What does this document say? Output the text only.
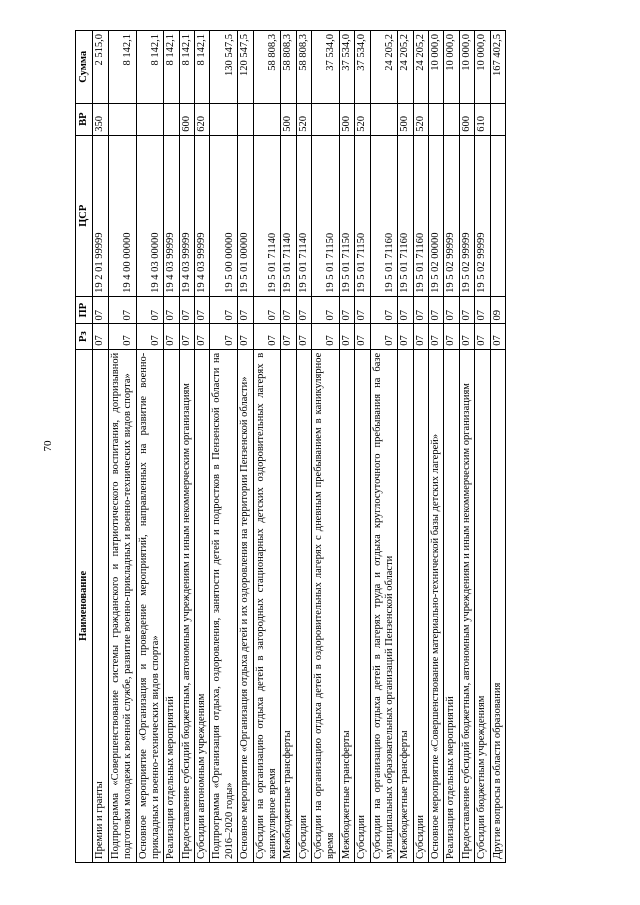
70
Наименование	Рз	ПР	ЦСР	ВР	Сумма
Премии и гранты	07	07	19 2 01 99999	350	2 515,0
Подпрограмма «Совершенствование системы гражданского и патриотического воспитания, допризывной подготовки молодежи к военной службе, развитие военно-прикладных и военно-технических видов спорта»	07	07	19 4 00 00000		8 142,1
Основное мероприятие «Организация и проведение мероприятий, направленных на развитие военно-прикладных и военно-технических видов спорта»	07	07	19 4 03 00000		8 142,1
Реализация отдельных мероприятий	07	07	19 4 03 99999		8 142,1
Предоставление субсидий бюджетным, автономным учреждениям и иным некоммерческим организациям	07	07	19 4 03 99999	600	8 142,1
Субсидии автономным учреждениям	07	07	19 4 03 99999	620	8 142,1
Подпрограмма «Организация отдыха, оздоровления, занятости детей и подростков в Пензенской области на 2016–2020 годы»	07	07	19 5 00 00000		130 547,5
Основное мероприятие «Организация отдыха детей и их оздоровления на территории Пензенской области»	07	07	19 5 01 00000		120 547,5
Субсидии на организацию отдыха детей в загородных стационарных детских оздоровительных лагерях в каникулярное время	07	07	19 5 01 71140		58 808,3
Межбюджетные трансферты	07	07	19 5 01 71140	500	58 808,3
Субсидии	07	07	19 5 01 71140	520	58 808,3
Субсидии на организацию отдыха детей в оздоровительных лагерях с дневным пребыванием в каникулярное время	07	07	19 5 01 71150		37 534,0
Межбюджетные трансферты	07	07	19 5 01 71150	500	37 534,0
Субсидии	07	07	19 5 01 71150	520	37 534,0
Субсидии на организацию отдыха детей в лагерях труда и отдыха круглосуточного пребывания на базе муниципальных образовательных организаций Пензенской области	07	07	19 5 01 71160		24 205,2
Межбюджетные трансферты	07	07	19 5 01 71160	500	24 205,2
Субсидии	07	07	19 5 01 71160	520	24 205,2
Основное мероприятие «Совершенствование материально-технической базы детских лагерей»	07	07	19 5 02 00000		10 000,0
Реализация отдельных мероприятий	07	07	19 5 02 99999		10 000,0
Предоставление субсидий бюджетным, автономным учреждениям и иным некоммерческим организациям	07	07	19 5 02 99999	600	10 000,0
Субсидии бюджетным учреждениям	07	07	19 5 02 99999	610	10 000,0
Другие вопросы в области образования	07	09			167 402,5
